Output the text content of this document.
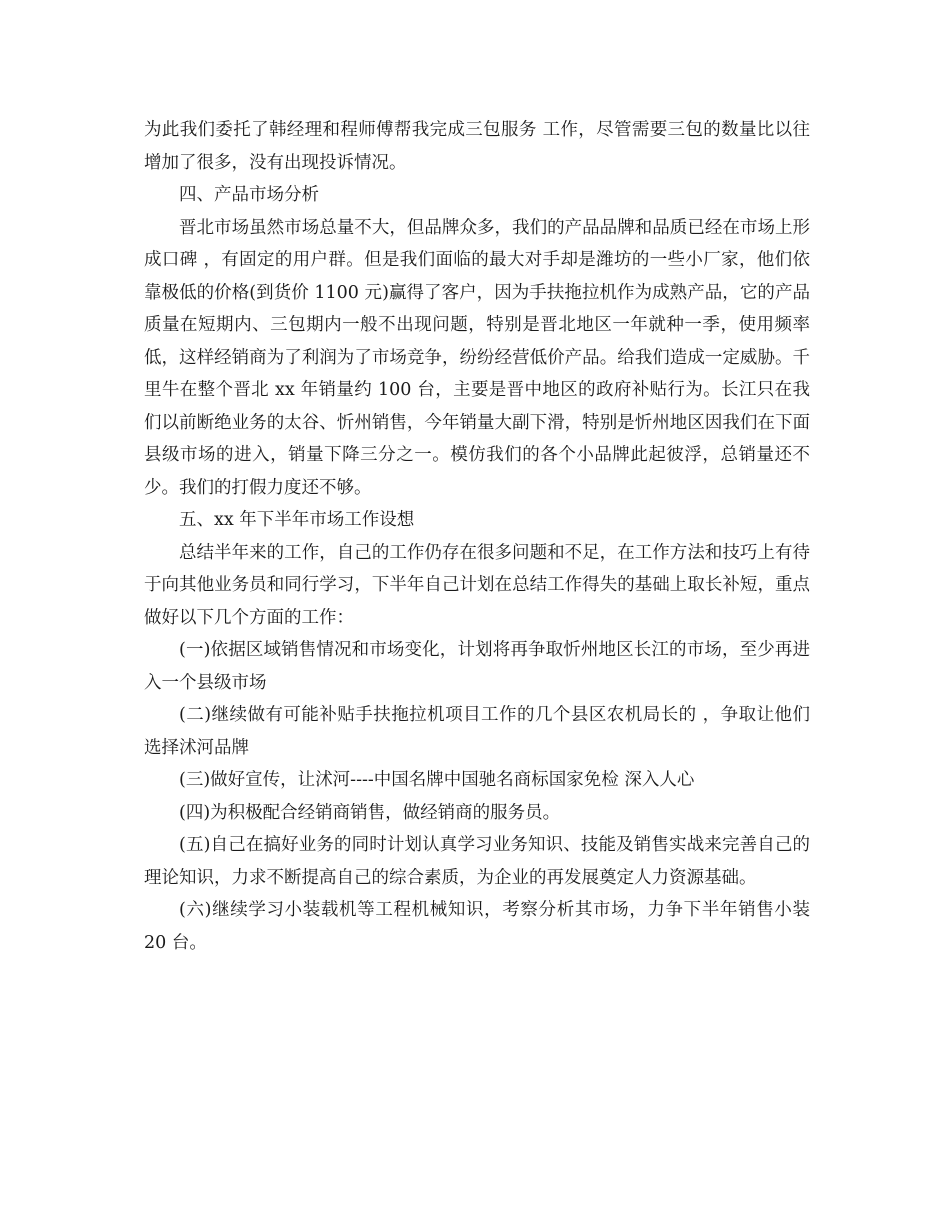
为此我们委托了韩经理和程师傅帮我完成三包服务 工作，尽管需要三包的数量比以往增加了很多，没有出现投诉情况。

四、产品市场分析

晋北市场虽然市场总量不大，但品牌众多，我们的产品品牌和品质已经在市场上形成口碑 ，有固定的用户群。但是我们面临的最大对手却是潍坊的一些小厂家，他们依靠极低的价格(到货价 1100 元)赢得了客户，因为手扶拖拉机作为成熟产品，它的产品质量在短期内、三包期内一般不出现问题，特别是晋北地区一年就种一季，使用频率低，这样经销商为了利润为了市场竞争，纷纷经营低价产品。给我们造成一定威胁。千里牛在整个晋北 xx 年销量约 100 台，主要是晋中地区的政府补贴行为。长江只在我们以前断绝业务的太谷、忻州销售，今年销量大副下滑，特别是忻州地区因我们在下面县级市场的进入，销量下降三分之一。模仿我们的各个小品牌此起彼浮，总销量还不少。我们的打假力度还不够。

五、xx 年下半年市场工作设想

总结半年来的工作，自己的工作仍存在很多问题和不足，在工作方法和技巧上有待于向其他业务员和同行学习，下半年自己计划在总结工作得失的基础上取长补短，重点做好以下几个方面的工作：

(一)依据区域销售情况和市场变化，计划将再争取忻州地区长江的市场，至少再进入一个县级市场

(二)继续做有可能补贴手扶拖拉机项目工作的几个县区农机局长的 ，争取让他们选择沭河品牌

(三)做好宣传，让沭河----中国名牌中国驰名商标国家免检 深入人心

(四)为积极配合经销商销售，做经销商的服务员。

(五)自己在搞好业务的同时计划认真学习业务知识、技能及销售实战来完善自己的理论知识，力求不断提高自己的综合素质，为企业的再发展奠定人力资源基础。

(六)继续学习小装载机等工程机械知识，考察分析其市场，力争下半年销售小装 20 台。
